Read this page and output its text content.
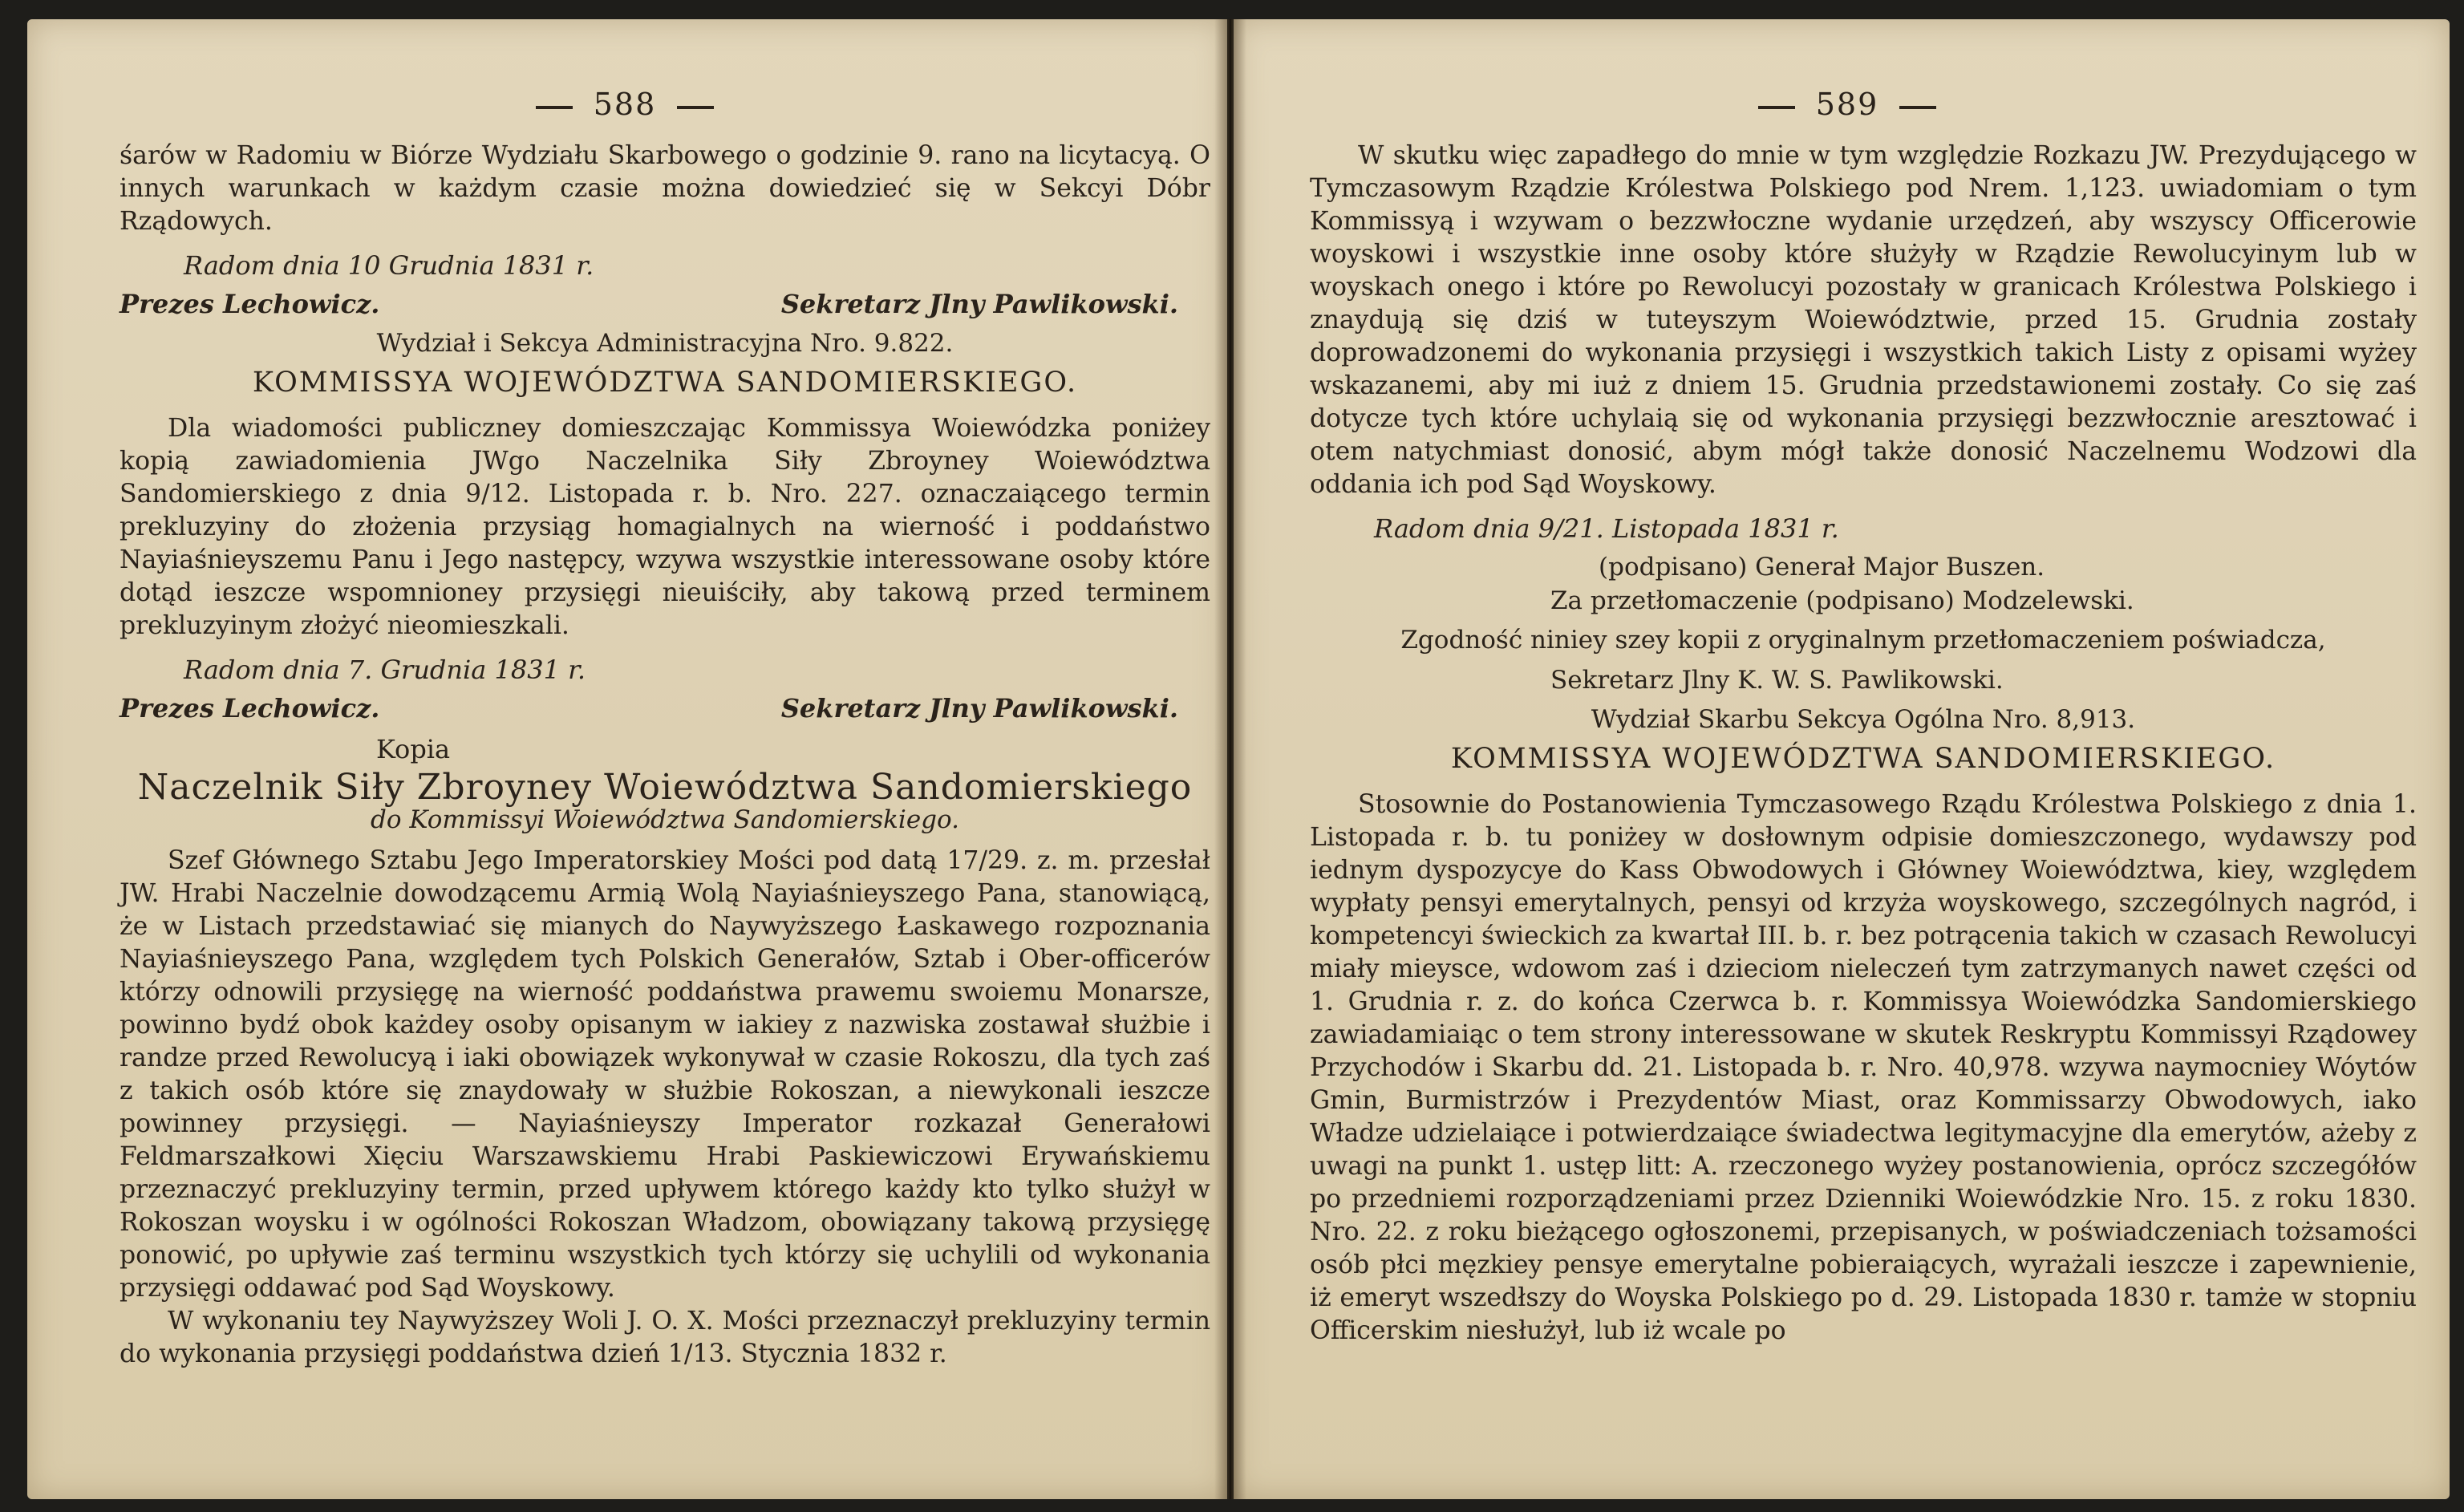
588

śarów w Radomiu w Biórze Wydziału Skarbowego o godzinie 9. rano na licytacyą. O innych warunkach w każdym czasie można dowiedzieć się w Sekcyi Dóbr Rządowych.

Radom dnia 10 Grudnia 1831 r.

Prezes Lechowicz.	Sekretarz Jlny Pawlikowski.

Wydział i Sekcya Administracyjna Nro. 9.822.

KOMMISSYA WOJEWÓDZTWA SANDOMIERSKIEGO.

Dla wiadomości publiczney domieszczając Kommissya Woiewódzka poniżey kopią zawiadomienia JWgo Naczelnika Siły Zbroyney Woiewództwa Sandomierskiego z dnia 9/12. Listopada r. b. Nro. 227. oznaczaiącego termin prekluzyiny do złożenia przysiąg homagialnych na wierność i poddaństwo Nayiaśnieyszemu Panu i Jego następcy, wzywa wszystkie interessowane osoby które dotąd ieszcze wspomnioney przysięgi nieuiściły, aby takową przed terminem prekluzyinym złożyć nieomieszkali.

Radom dnia 7. Grudnia 1831 r.

Prezes Lechowicz.	Sekretarz Jlny Pawlikowski.

Kopia

Naczelnik Siły Zbroyney Woiewództwa Sandomierskiego

do Kommissyi Woiewództwa Sandomierskiego.

Szef Głównego Sztabu Jego Imperatorskiey Mości pod datą 17/29. z. m. przesłał JW. Hrabi Naczelnie dowodzącemu Armią Wolą Nayiaśnieyszego Pana, stanowiącą, że w Listach przedstawiać się mianych do Naywyższego Łaskawego rozpoznania Nayiaśnieyszego Pana, względem tych Polskich Generałów, Sztab i Ober-officerów którzy odnowili przysięgę na wierność poddaństwa prawemu swoiemu Monarsze, powinno bydź obok każdey osoby opisanym w iakiey z nazwiska zostawał służbie i randze przed Rewolucyą i iaki obowiązek wykonywał w czasie Rokoszu, dla tych zaś z takich osób które się znaydowały w służbie Rokoszan, a niewykonali ieszcze powinney przysięgi. — Nayiaśnieyszy Imperator rozkazał Generałowi Feldmarszałkowi Xięciu Warszawskiemu Hrabi Paskiewiczowi Erywańskiemu przeznaczyć prekluzyiny termin, przed upływem którego każdy kto tylko służył w Rokoszan woysku i w ogólności Rokoszan Władzom, obowiązany takową przysięgę ponowić, po upływie zaś terminu wszystkich tych którzy się uchylili od wykonania przysięgi oddawać pod Sąd Woyskowy.

W wykonaniu tey Naywyższey Woli J. O. X. Mości przeznaczył prekluzyiny termin do wykonania przysięgi poddaństwa dzień 1/13. Stycznia 1832 r.

589

W skutku więc zapadłego do mnie w tym względzie Rozkazu JW. Prezydującego w Tymczasowym Rządzie Królestwa Polskiego pod Nrem. 1,123. uwiadomiam o tym Kommissyą i wzywam o bezzwłoczne wydanie urzędzeń, aby wszyscy Officerowie woyskowi i wszystkie inne osoby które służyły w Rządzie Rewolucyinym lub w woyskach onego i które po Rewolucyi pozostały w granicach Królestwa Polskiego i znaydują się dziś w tuteyszym Woiewództwie, przed 15. Grudnia zostały doprowadzonemi do wykonania przysięgi i wszystkich takich Listy z opisami wyżey wskazanemi, aby mi iuż z dniem 15. Grudnia przedstawionemi zostały. Co się zaś dotycze tych które uchylaią się od wykonania przysięgi bezzwłocznie aresztować i otem natychmiast donosić, abym mógł także donosić Naczelnemu Wodzowi dla oddania ich pod Sąd Woyskowy.

Radom dnia 9/21. Listopada 1831 r.

(podpisano) Generał Major Buszen.

Za przetłomaczenie (podpisano) Modzelewski.

Zgodność niniey szey kopii z oryginalnym przetłomaczeniem poświadcza,

Sekretarz Jlny K. W. S. Pawlikowski.

Wydział Skarbu Sekcya Ogólna Nro. 8,913.

KOMMISSYA WOJEWÓDZTWA SANDOMIERSKIEGO.

Stosownie do Postanowienia Tymczasowego Rządu Królestwa Polskiego z dnia 1. Listopada r. b. tu poniżey w dosłownym odpisie domieszczonego, wydawszy pod iednym dyspozycye do Kass Obwodowych i Główney Woiewództwa, kiey, względem wypłaty pensyi emerytalnych, pensyi od krzyża woyskowego, szczególnych nagród, i kompetencyi świeckich za kwartał III. b. r. bez potrącenia takich w czasach Rewolucyi miały mieysce, wdowom zaś i dzieciom nieleczeń tym zatrzymanych nawet części od 1. Grudnia r. z. do końca Czerwca b. r. Kommissya Woiewódzka Sandomierskiego zawiadamiaiąc o tem strony interessowane w skutek Reskryptu Kommissyi Rządowey Przychodów i Skarbu dd. 21. Listopada b. r. Nro. 40,978. wzywa naymocniey Wóytów Gmin, Burmistrzów i Prezydentów Miast, oraz Kommissarzy Obwodowych, iako Władze udzielaiące i potwierdzaiące świadectwa legitymacyjne dla emerytów, ażeby z uwagi na punkt 1. ustęp litt: A. rzeczonego wyżey postanowienia, oprócz szczegółów po przedniemi rozporządzeniami przez Dzienniki Woiewódzkie Nro. 15. z roku 1830. Nro. 22. z roku bieżącego ogłoszonemi, przepisanych, w poświadczeniach tożsamości osób płci męzkiey pensye emerytalne pobieraiących, wyrażali ieszcze i zapewnienie, iż emeryt wszedłszy do Woyska Polskiego po d. 29. Listopada 1830 r. tamże w stopniu Officerskim niesłużył, lub iż wcale po
